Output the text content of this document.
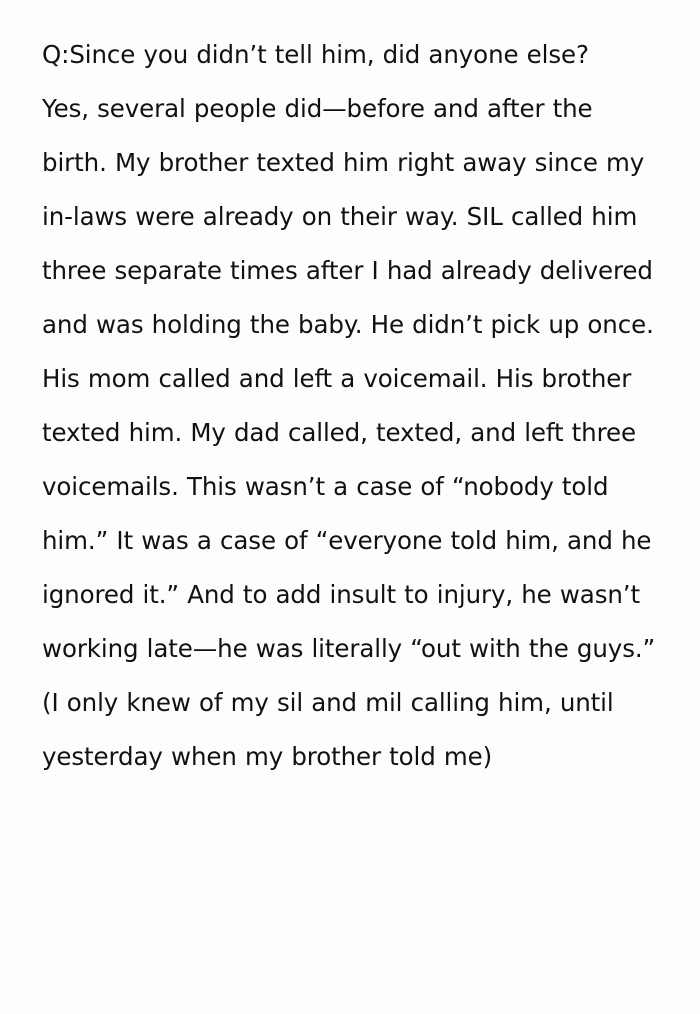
Q:Since you didn’t tell him, did anyone else?
Yes, several people did—before and after the birth. My brother texted him right away since my in-laws were already on their way. SIL called him three separate times after I had already delivered and was holding the baby. He didn’t pick up once. His mom called and left a voicemail. His brother texted him. My dad called, texted, and left three voicemails. This wasn’t a case of “nobody told him.” It was a case of “everyone told him, and he ignored it.” And to add insult to injury, he wasn’t working late—he was literally “out with the guys.” (I only knew of my sil and mil calling him, until yesterday when my brother told me)
